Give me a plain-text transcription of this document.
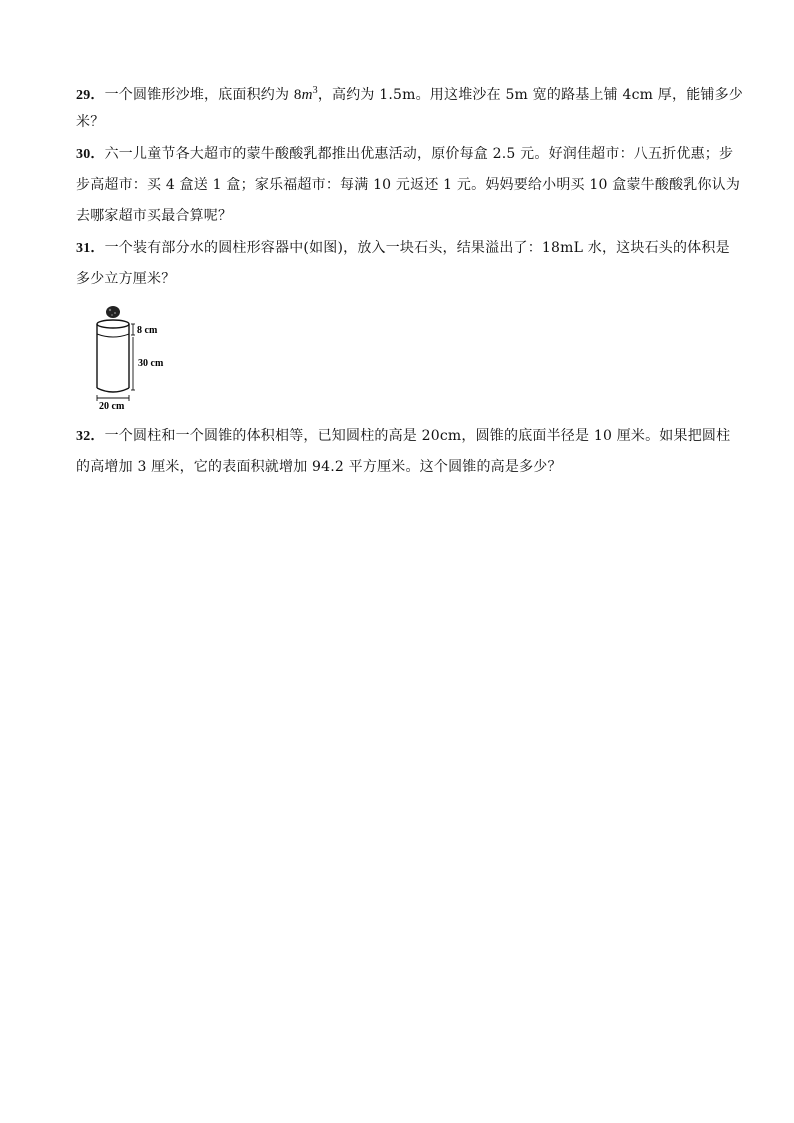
29．一个圆锥形沙堆，底面积约为 $8m^3$，高约为 1.5m。用这堆沙在 5m 宽的路基上铺 4cm 厚，能铺多少
米？
30．六一儿童节各大超市的蒙牛酸酸乳都推出优惠活动，原价每盒 2.5 元。好润佳超市：八五折优惠；步
步高超市：买 4 盒送 1 盒；家乐福超市：每满 10 元返还 1 元。妈妈要给小明买 10 盒蒙牛酸酸乳你认为
去哪家超市买最合算呢？
31．一个装有部分水的圆柱形容器中(如图)，放入一块石头，结果溢出了：18mL 水，这块石头的体积是
多少立方厘米？
8 cm
30 cm
20 cm
32．一个圆柱和一个圆锥的体积相等，已知圆柱的高是 20cm，圆锥的底面半径是 10 厘米。如果把圆柱
的高增加 3 厘米，它的表面积就增加 94.2 平方厘米。这个圆锥的高是多少？
